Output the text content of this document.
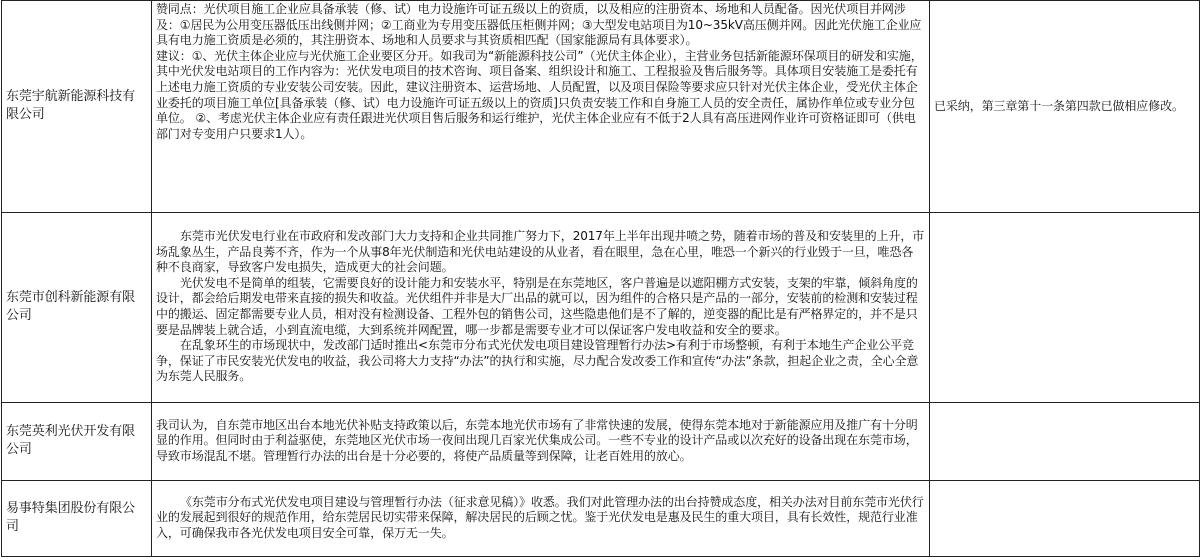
东莞宇航新能源科技有限公司	赞同点：光伏项目施工企业应具备承装（修、试）电力设施许可证五级以上的资质，以及相应的注册资本、场地和人员配备。因光伏项目并网涉及：①居民为公用变压器低压出线侧并网；②工商业为专用变压器低压柜侧并网；③大型发电站项目为10~35kV高压侧并网。因此光伏施工企业应具有电力施工资质是必须的，其注册资本、场地和人员要求与其资质相匹配（国家能源局有具体要求）。

建议：①、光伏主体企业应与光伏施工企业要区分开。如我司为“新能源科技公司”（光伏主体企业），主营业务包括新能源环保项目的研发和实施，其中光伏发电站项目的工作内容为：光伏发电项目的技术咨询、项目备案、组织设计和施工、工程报验及售后服务等。具体项目安装施工是委托有上述电力施工资质的专业安装公司安装。因此，建议注册资本、运营场地、人员配置，以及项目保险等要求应只针对光伏主体企业，受光伏主体企业委托的项目施工单位[具备承装（修、试）电力设施许可证五级以上的资质]只负责安装工作和自身施工人员的安全责任，属协作单位或专业分包单位。 ②、考虑光伏主体企业应有责任跟进光伏项目售后服务和运行维护，光伏主体企业应有不低于2人具有高压进网作业许可资格证即可（供电部门对专变用户只要求1人）。	已采纳，第三章第十一条第四款已做相应修改。
东莞市创科新能源有限公司	东莞市光伏发电行业在市政府和发改部门大力支持和企业共同推广努力下，2017年上半年出现井喷之势，随着市场的普及和安装里的上升，市场乱象丛生，产品良莠不齐，作为一个从事8年光伏制造和光伏电站建设的从业者，看在眼里，急在心里，唯恐一个新兴的行业毁于一旦，唯恐各种不良商家，导致客户发电损失，造成更大的社会问题。

光伏发电不是简单的组装，它需要良好的设计能力和安装水平，特别是在东莞地区，客户普遍是以遮阳棚方式安装，支架的牢靠，倾斜角度的设计，都会给后期发电带来直接的损失和收益。光伏组件并非是大厂出品的就可以，因为组件的合格只是产品的一部分，安装前的检测和安装过程中的搬运、固定都需要专业人员，相对没有检测设备、工程外包的销售公司，这些隐患他们是不了解的，逆变器的配比是有严格界定的，并不是只要是品牌装上就合适，小到直流电缆，大到系统并网配置，哪一步都是需要专业才可以保证客户发电收益和安全的要求。

在乱象环生的市场现状中，发改部门适时推出<东莞市分布式光伏发电项目建设管理暂行办法>有利于市场整顿，有利于本地生产企业公平竞争，保证了市民安装光伏发电的收益，我公司将大力支持“办法”的执行和实施，尽力配合发改委工作和宣传“办法”条款，担起企业之责，全心全意为东莞人民服务。	

东莞英利光伏开发有限公司	我司认为，自东莞市地区出台本地光伏补贴支持政策以后，东莞本地光伏市场有了非常快速的发展，使得东莞本地对于新能源应用及推广有十分明显的作用。但同时由于利益驱使，东莞地区光伏市场一夜间出现几百家光伏集成公司。一些不专业的设计产品或以次充好的设备出现在东莞市场，导致市场混乱不堪。管理暂行办法的出台是十分必要的，将使产品质量等到保障，让老百姓用的放心。	

易事特集团股份有限公司	《东莞市分布式光伏发电项目建设与管理暂行办法（征求意见稿）》收悉。我们对此管理办法的出台持赞成态度，相关办法对目前东莞市光伏行业的发展起到很好的规范作用，给东莞居民切实带来保障，解决居民的后顾之忧。鉴于光伏发电是惠及民生的重大项目，具有长效性，规范行业准入，可确保我市各光伏发电项目安全可靠，保万无一失。	
